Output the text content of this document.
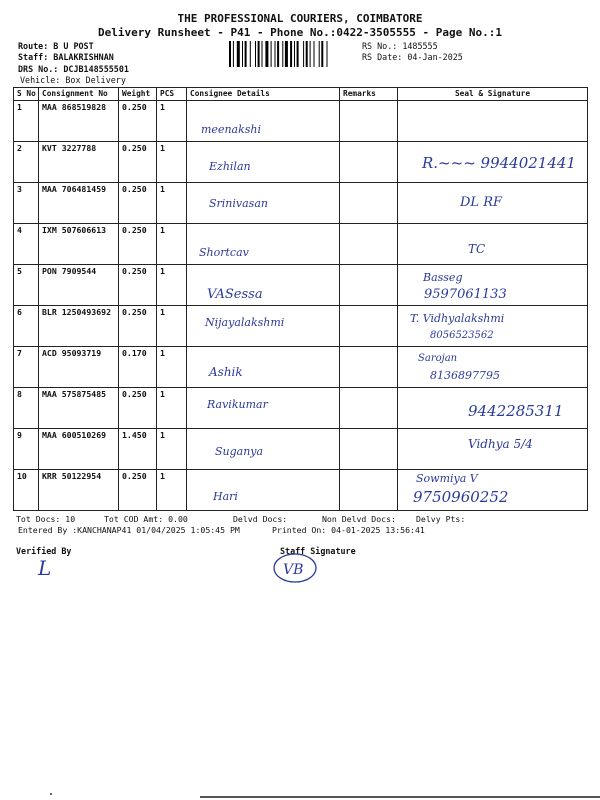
THE PROFESSIONAL COURIERS, COIMBATORE
Delivery Runsheet - P41 - Phone No.:0422-3505555 - Page No.:1
Route: B U POST
Staff: BALAKRISHNAN
DRS No.: DCJB148555501
Vehicle: Box Delivery
RS No.: 1485555
RS Date: 04-Jan-2025
S No	Consignment No	Weight	PCS	Consignee Details	Remarks	Seal & Signature
1	MAA 868519828	0.250	1	meenakshi		

2	KVT 3227788	0.250	1	Ezhilan		R.~~~ 9944021441

3	MAA 706481459	0.250	1	Srinivasan		DL RF

4	IXM 507606613	0.250	1	Shortcav		TC

5	PON 7909544	0.250	1	VASessa		Basseg
9597061133

6	BLR 1250493692	0.250	1	Nijayalakshmi		T. Vidhyalakshmi
8056523562

7	ACD 95093719	0.170	1	Ashik		Sarojan
8136897795

8	MAA 575875485	0.250	1	Ravikumar		9442285311

9	MAA 600510269	1.450	1	Suganya		Vidhya 5/4

10	KRR 50122954	0.250	1	Hari		Sowmiya V
9750960252
Tot Docs: 10	Tot COD Amt: 0.00	Delvd Docs:	Non Delvd Docs: Delvy Pts:
Entered By :KANCHANAP41 01/04/2025 1:05:45 PM	Printed On: 04-01-2025 13:56:41
Verified By	Staff Signature
L	VB
